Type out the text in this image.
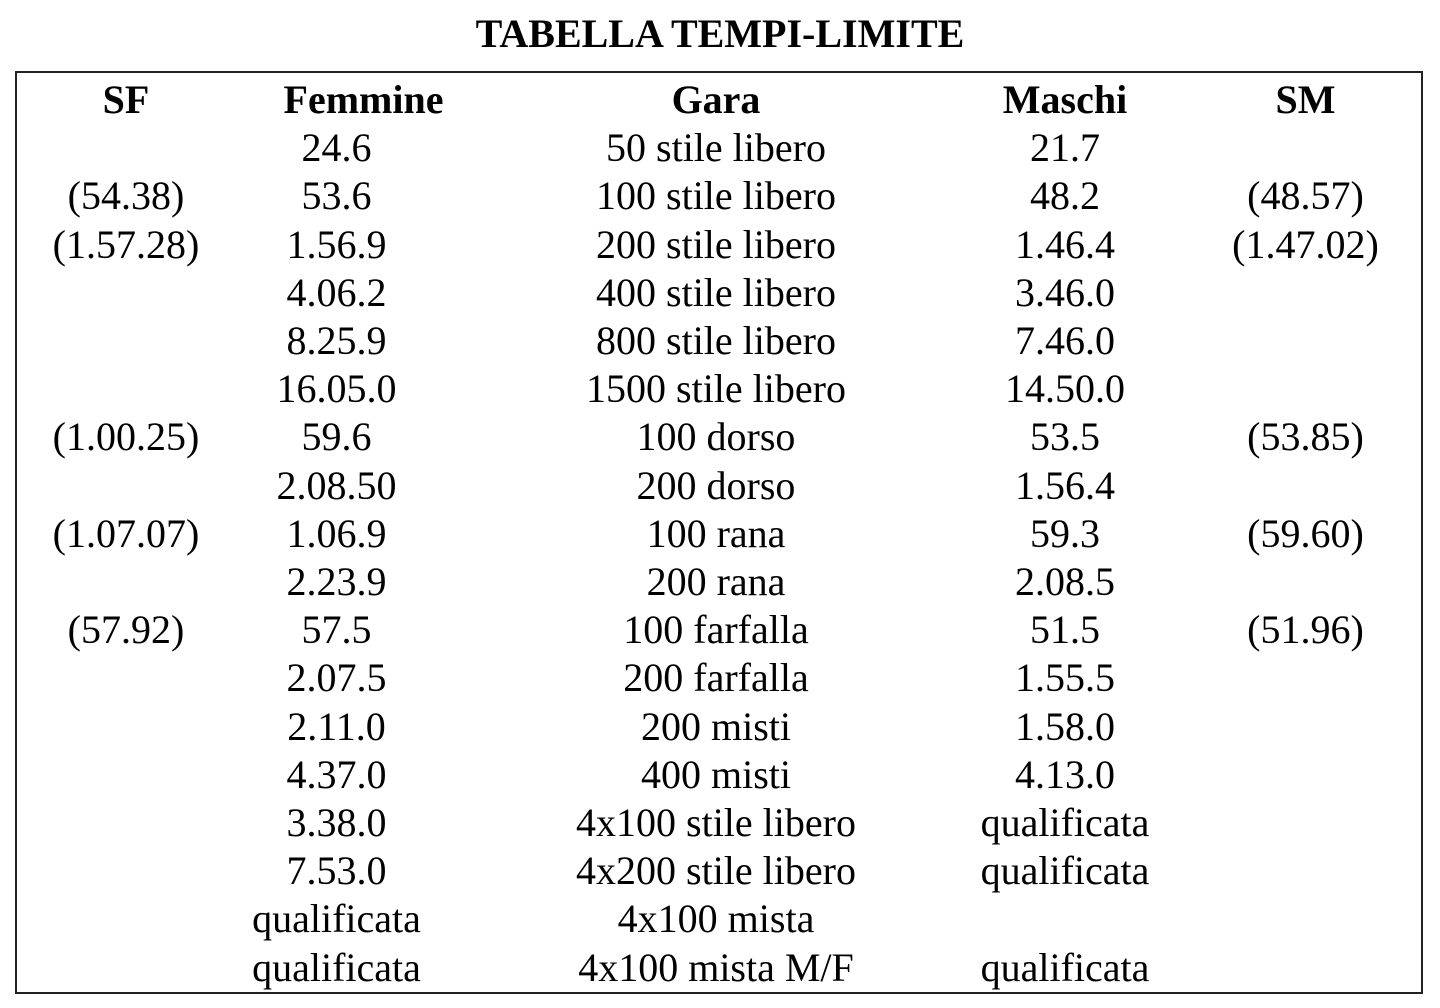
TABELLA TEMPI-LIMITE
SF	Femmine	Gara	Maschi	SM
	24.6	50 stile libero	21.7	
(54.38)	53.6	100 stile libero	48.2	(48.57)
(1.57.28)	1.56.9	200 stile libero	1.46.4	(1.47.02)
	4.06.2	400 stile libero	3.46.0	
	8.25.9	800 stile libero	7.46.0	
	16.05.0	1500 stile libero	14.50.0	
(1.00.25)	59.6	100 dorso	53.5	(53.85)
	2.08.50	200 dorso	1.56.4	
(1.07.07)	1.06.9	100 rana	59.3	(59.60)
	2.23.9	200 rana	2.08.5	
(57.92)	57.5	100 farfalla	51.5	(51.96)
	2.07.5	200 farfalla	1.55.5	
	2.11.0	200 misti	1.58.0	
	4.37.0	400 misti	4.13.0	
	3.38.0	4x100 stile libero	qualificata	
	7.53.0	4x200 stile libero	qualificata	
	qualificata	4x100 mista		
	qualificata	4x100 mista M/F	qualificata	
